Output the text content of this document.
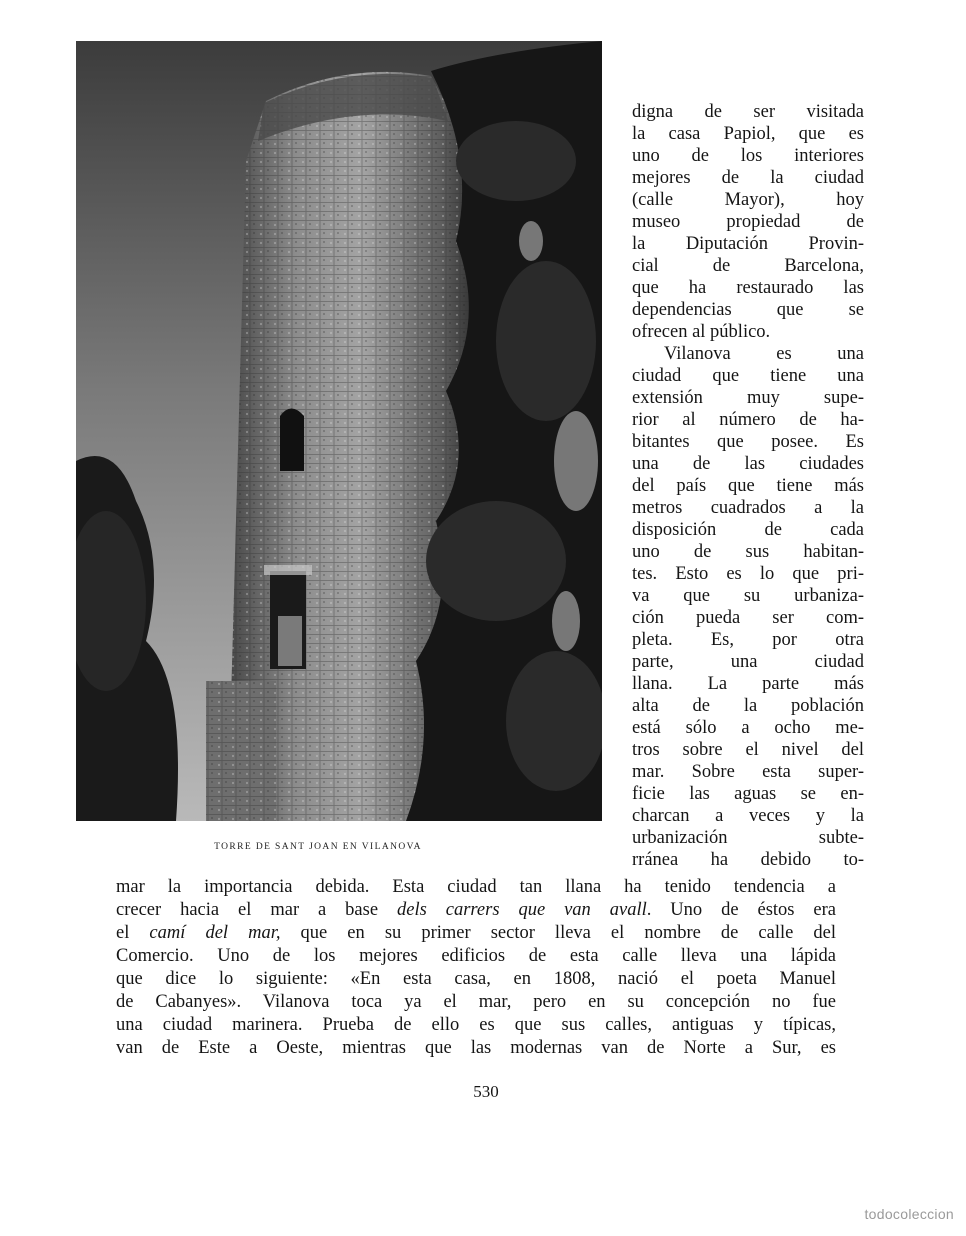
TORRE DE SANT JOAN EN VILANOVA
digna de ser visitada
la casa Papiol, que es
uno de los interiores
mejores de la ciudad
(calle Mayor), hoy
museo propiedad de
la Diputación Provin-
cial de Barcelona,
que ha restaurado las
dependencias que se
ofrecen al público.
Vilanova es una
ciudad que tiene una
extensión muy supe-
rior al número de ha-
bitantes que posee. Es
una de las ciudades
del país que tiene más
metros cuadrados a la
disposición de cada
uno de sus habitan-
tes. Esto es lo que pri-
va que su urbaniza-
ción pueda ser com-
pleta. Es, por otra
parte, una ciudad
llana. La parte más
alta de la población
está sólo a ocho me-
tros sobre el nivel del
mar. Sobre esta super-
ficie las aguas se en-
charcan a veces y la
urbanización subte-
rránea ha debido to-
mar la importancia debida. Esta ciudad tan llana ha tenido tendencia a
crecer hacia el mar a base dels carrers que van avall. Uno de éstos era
el camí del mar, que en su primer sector lleva el nombre de calle del
Comercio. Uno de los mejores edificios de esta calle lleva una lápida
que dice lo siguiente: «En esta casa, en 1808, nació el poeta Manuel
de Cabanyes». Vilanova toca ya el mar, pero en su concepción no fue
una ciudad marinera. Prueba de ello es que sus calles, antiguas y típicas,
van de Este a Oeste, mientras que las modernas van de Norte a Sur, es
530
todocoleccion
